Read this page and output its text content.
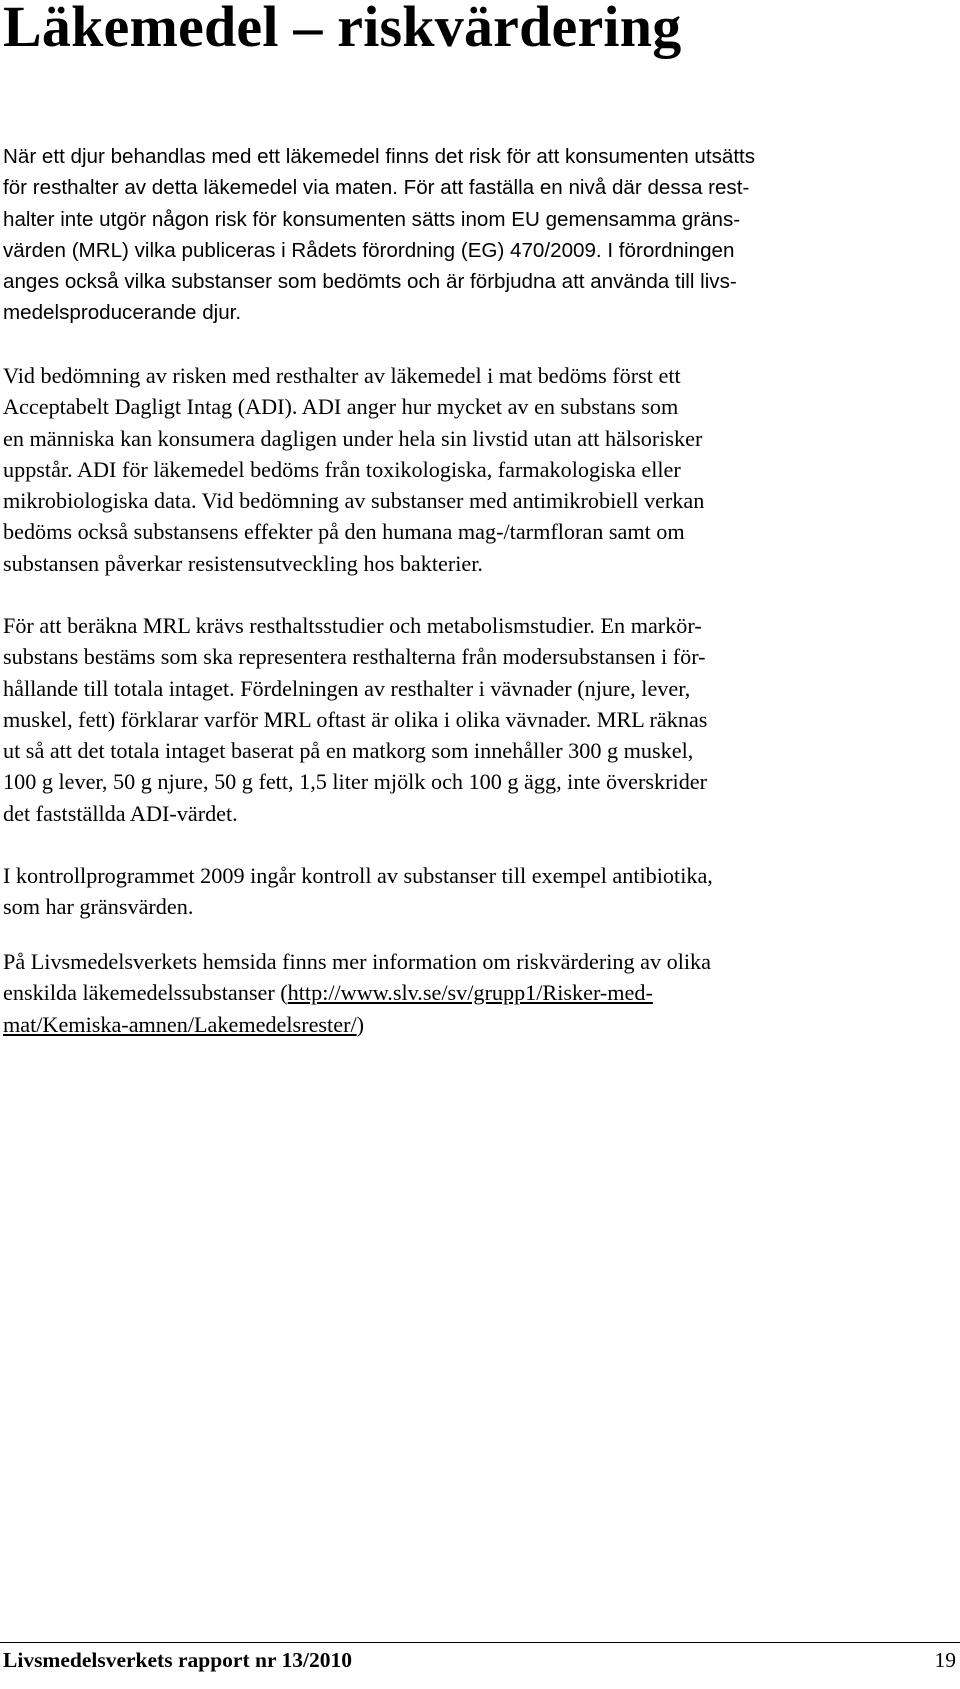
Läkemedel – riskvärdering
När ett djur behandlas med ett läkemedel finns det risk för att konsumenten utsätts
för resthalter av detta läkemedel via maten. För att faställa en nivå där dessa rest-
halter inte utgör någon risk för konsumenten sätts inom EU gemensamma gräns-
värden (MRL) vilka publiceras i Rådets förordning (EG) 470/2009. I förordningen
anges också vilka substanser som bedömts och är förbjudna att använda till livs-
medelsproducerande djur.
Vid bedömning av risken med resthalter av läkemedel i mat bedöms först ett
Acceptabelt Dagligt Intag (ADI). ADI anger hur mycket av en substans som
en människa kan konsumera dagligen under hela sin livstid utan att hälsorisker
uppstår. ADI för läkemedel bedöms från toxikologiska, farmakologiska eller
mikrobiologiska data. Vid bedömning av substanser med antimikrobiell verkan
bedöms också substansens effekter på den humana mag-/tarmfloran samt om
substansen påverkar resistensutveckling hos bakterier.
För att beräkna MRL krävs resthaltsstudier och metabolismstudier. En markör-
substans bestäms som ska representera resthalterna från modersubstansen i för-
hållande till totala intaget. Fördelningen av resthalter i vävnader (njure, lever,
muskel, fett) förklarar varför MRL oftast är olika i olika vävnader. MRL räknas
ut så att det totala intaget baserat på en matkorg som innehåller 300 g muskel,
100 g lever, 50 g njure, 50 g fett, 1,5 liter mjölk och 100 g ägg, inte överskrider
det fastställda ADI-värdet.
I kontrollprogrammet 2009 ingår kontroll av substanser till exempel antibiotika,
som har gränsvärden.
På Livsmedelsverkets hemsida finns mer information om riskvärdering av olika
enskilda läkemedelssubstanser (http://www.slv.se/sv/grupp1/Risker-med-
mat/Kemiska-amnen/Lakemedelsrester/)
Livsmedelsverkets rapport nr 13/2010	19
